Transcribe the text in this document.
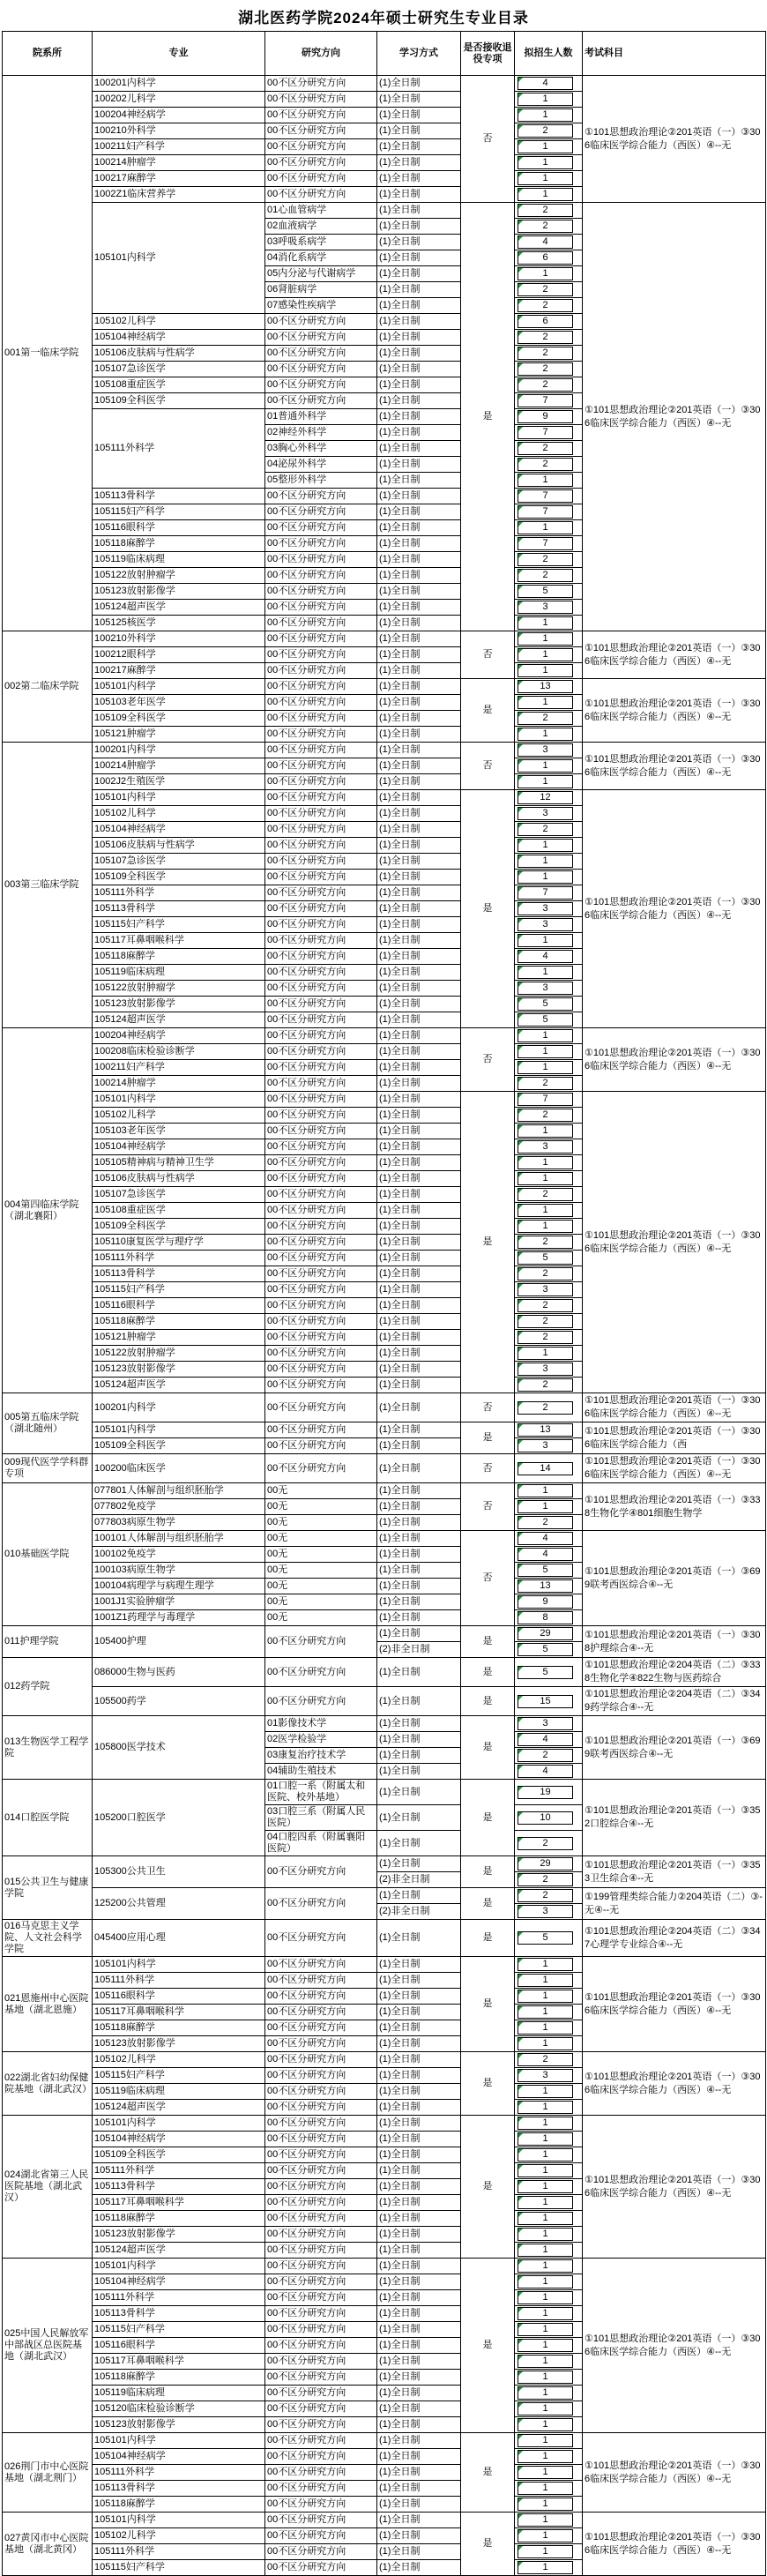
湖北医药学院2024年硕士研究生专业目录
院系所	专业	研究方向	学习方式	是否接收退役专项	拟招生人数	考试科目
001第一临床学院	100201内科学	00不区分研究方向	(1)全日制	否	4	①101思想政治理论②201英语（一）③306临床医学综合能力（西医）④--无

	100202儿科学	00不区分研究方向	(1)全日制		1	

	100204神经病学	00不区分研究方向	(1)全日制		1	

	100210外科学	00不区分研究方向	(1)全日制		2	

	100211妇产科学	00不区分研究方向	(1)全日制		1	

	100214肿瘤学	00不区分研究方向	(1)全日制		1	

	100217麻醉学	00不区分研究方向	(1)全日制		1	

	1002Z1临床营养学	00不区分研究方向	(1)全日制		1	

	105101内科学	01心血管病学	(1)全日制	是	2	①101思想政治理论②201英语（一）③306临床医学综合能力（西医）④--无

		02血液病学	(1)全日制		2	

		03呼吸系病学	(1)全日制		4	

		04消化系病学	(1)全日制		6	

		05内分泌与代谢病学	(1)全日制		1	

		06肾脏病学	(1)全日制		2	

		07感染性疾病学	(1)全日制		2	

	105102儿科学	00不区分研究方向	(1)全日制		6	

	105104神经病学	00不区分研究方向	(1)全日制		2	

	105106皮肤病与性病学	00不区分研究方向	(1)全日制		2	

	105107急诊医学	00不区分研究方向	(1)全日制		2	

	105108重症医学	00不区分研究方向	(1)全日制		2	

	105109全科医学	00不区分研究方向	(1)全日制		7	

	105111外科学	01普通外科学	(1)全日制		9	

		02神经外科学	(1)全日制		7	

		03胸心外科学	(1)全日制		2	

		04泌尿外科学	(1)全日制		2	

		05整形外科学	(1)全日制		1	

	105113骨科学	00不区分研究方向	(1)全日制		7	

	105115妇产科学	00不区分研究方向	(1)全日制		7	

	105116眼科学	00不区分研究方向	(1)全日制		1	

	105118麻醉学	00不区分研究方向	(1)全日制		7	

	105119临床病理	00不区分研究方向	(1)全日制		2	

	105122放射肿瘤学	00不区分研究方向	(1)全日制		2	

	105123放射影像学	00不区分研究方向	(1)全日制		5	

	105124超声医学	00不区分研究方向	(1)全日制		3	

	105125核医学	00不区分研究方向	(1)全日制		1	

002第二临床学院	100210外科学	00不区分研究方向	(1)全日制	否	1	①101思想政治理论②201英语（一）③306临床医学综合能力（西医）④--无

	100212眼科学	00不区分研究方向	(1)全日制		1	

	100217麻醉学	00不区分研究方向	(1)全日制		1	

	105101内科学	00不区分研究方向	(1)全日制	是	13	①101思想政治理论②201英语（一）③306临床医学综合能力（西医）④--无

	105103老年医学	00不区分研究方向	(1)全日制		1	

	105109全科医学	00不区分研究方向	(1)全日制		2	

	105121肿瘤学	00不区分研究方向	(1)全日制		1	

003第三临床学院	100201内科学	00不区分研究方向	(1)全日制	否	3	①101思想政治理论②201英语（一）③306临床医学综合能力（西医）④--无

	100214肿瘤学	00不区分研究方向	(1)全日制		1	

	1002J2生殖医学	00不区分研究方向	(1)全日制		1	

	105101内科学	00不区分研究方向	(1)全日制	是	12	①101思想政治理论②201英语（一）③306临床医学综合能力（西医）④--无

	105102儿科学	00不区分研究方向	(1)全日制		3	

	105104神经病学	00不区分研究方向	(1)全日制		2	

	105106皮肤病与性病学	00不区分研究方向	(1)全日制		1	

	105107急诊医学	00不区分研究方向	(1)全日制		1	

	105109全科医学	00不区分研究方向	(1)全日制		1	

	105111外科学	00不区分研究方向	(1)全日制		7	

	105113骨科学	00不区分研究方向	(1)全日制		3	

	105115妇产科学	00不区分研究方向	(1)全日制		3	

	105117耳鼻咽喉科学	00不区分研究方向	(1)全日制		1	

	105118麻醉学	00不区分研究方向	(1)全日制		4	

	105119临床病理	00不区分研究方向	(1)全日制		1	

	105122放射肿瘤学	00不区分研究方向	(1)全日制		3	

	105123放射影像学	00不区分研究方向	(1)全日制		5	

	105124超声医学	00不区分研究方向	(1)全日制		5	

004第四临床学院（湖北襄阳）	100204神经病学	00不区分研究方向	(1)全日制	否	1	①101思想政治理论②201英语（一）③306临床医学综合能力（西医）④--无

	100208临床检验诊断学	00不区分研究方向	(1)全日制		1	

	100211妇产科学	00不区分研究方向	(1)全日制		1	

	100214肿瘤学	00不区分研究方向	(1)全日制		2	

	105101内科学	00不区分研究方向	(1)全日制	是	7	①101思想政治理论②201英语（一）③306临床医学综合能力（西医）④--无

	105102儿科学	00不区分研究方向	(1)全日制		2	

	105103老年医学	00不区分研究方向	(1)全日制		1	

	105104神经病学	00不区分研究方向	(1)全日制		3	

	105105精神病与精神卫生学	00不区分研究方向	(1)全日制		1	

	105106皮肤病与性病学	00不区分研究方向	(1)全日制		1	

	105107急诊医学	00不区分研究方向	(1)全日制		2	

	105108重症医学	00不区分研究方向	(1)全日制		1	

	105109全科医学	00不区分研究方向	(1)全日制		1	

	105110康复医学与理疗学	00不区分研究方向	(1)全日制		2	

	105111外科学	00不区分研究方向	(1)全日制		5	

	105113骨科学	00不区分研究方向	(1)全日制		2	

	105115妇产科学	00不区分研究方向	(1)全日制		3	

	105116眼科学	00不区分研究方向	(1)全日制		2	

	105118麻醉学	00不区分研究方向	(1)全日制		2	

	105121肿瘤学	00不区分研究方向	(1)全日制		2	

	105122放射肿瘤学	00不区分研究方向	(1)全日制		1	

	105123放射影像学	00不区分研究方向	(1)全日制		3	

	105124超声医学	00不区分研究方向	(1)全日制		2	

005第五临床学院（湖北随州）	100201内科学	00不区分研究方向	(1)全日制	否	2	①101思想政治理论②201英语（一）③306临床医学综合能力（西医）④--无

	105101内科学	00不区分研究方向	(1)全日制	是	13	①101思想政治理论②201英语（一）③306临床医学综合能力（西

	105109全科医学	00不区分研究方向	(1)全日制		3	

009现代医学学科群专项	100200临床医学	00不区分研究方向	(1)全日制	否	14	①101思想政治理论②201英语（一）③306临床医学综合能力（西医）④--无

010基础医学院	077801人体解剖与组织胚胎学	00无	(1)全日制	否	1	①101思想政治理论②201英语（一）③338生物化学④801细胞生物学

	077802免疫学	00无	(1)全日制		1	

	077803病原生物学	00无	(1)全日制		2	

	100101人体解剖与组织胚胎学	00无	(1)全日制	否	4	①101思想政治理论②201英语（一）③699联考西医综合④--无

	100102免疫学	00无	(1)全日制		4	

	100103病原生物学	00无	(1)全日制		5	

	100104病理学与病理生理学	00无	(1)全日制		13	

	1001J1实验肿瘤学	00无	(1)全日制		9	

	1001Z1药理学与毒理学	00无	(1)全日制		8	

011护理学院	105400护理	00不区分研究方向	(1)全日制	是	29	①101思想政治理论②201英语（一）③308护理综合④--无

			(2)非全日制		5	

012药学院	086000生物与医药	00不区分研究方向	(1)全日制	是	5	①101思想政治理论②204英语（二）③338生物化学④822生物与医药综合

	105500药学	00不区分研究方向	(1)全日制	是	15	①101思想政治理论②204英语（二）③349药学综合④--无

013生物医学工程学院	105800医学技术	01影像技术学	(1)全日制	是	3	①101思想政治理论②201英语（一）③699联考西医综合④--无

		02医学检验学	(1)全日制		4	

		03康复治疗技术学	(1)全日制		2	

		04辅助生殖技术	(1)全日制		4	

014口腔医学院	105200口腔医学	01口腔一系（附属太和医院、校外基地）	(1)全日制	是	19	①101思想政治理论②201英语（一）③352口腔综合④--无

		03口腔三系（附属人民医院）	(1)全日制		10	

		04口腔四系（附属襄阳医院）	(1)全日制		2	

015公共卫生与健康学院	105300公共卫生	00不区分研究方向	(1)全日制	是	29	①101思想政治理论②201英语（一）③353卫生综合④--无

			(2)非全日制		2	

	125200公共管理	00不区分研究方向	(1)全日制	是	2	①199管理类综合能力②204英语（二）③-无④--无

			(2)非全日制		3	

016马克思主义学院、人文社会科学学院	045400应用心理	00不区分研究方向	(1)全日制	是	5	①101思想政治理论②204英语（二）③347心理学专业综合④--无

021恩施州中心医院基地（湖北恩施）	105101内科学	00不区分研究方向	(1)全日制	是	1	①101思想政治理论②201英语（一）③306临床医学综合能力（西医）④--无

	105111外科学	00不区分研究方向	(1)全日制		1	

	105116眼科学	00不区分研究方向	(1)全日制		1	

	105117耳鼻咽喉科学	00不区分研究方向	(1)全日制		1	

	105118麻醉学	00不区分研究方向	(1)全日制		1	

	105123放射影像学	00不区分研究方向	(1)全日制		1	

022湖北省妇幼保健院基地（湖北武汉）	105102儿科学	00不区分研究方向	(1)全日制	是	2	①101思想政治理论②201英语（一）③306临床医学综合能力（西医）④--无

	105115妇产科学	00不区分研究方向	(1)全日制		3	

	105119临床病理	00不区分研究方向	(1)全日制		1	

	105124超声医学	00不区分研究方向	(1)全日制		1	

024湖北省第三人民医院基地（湖北武汉）	105101内科学	00不区分研究方向	(1)全日制	是	1	①101思想政治理论②201英语（一）③306临床医学综合能力（西医）④--无

	105104神经病学	00不区分研究方向	(1)全日制		1	

	105109全科医学	00不区分研究方向	(1)全日制		1	

	105111外科学	00不区分研究方向	(1)全日制		1	

	105113骨科学	00不区分研究方向	(1)全日制		1	

	105117耳鼻咽喉科学	00不区分研究方向	(1)全日制		1	

	105118麻醉学	00不区分研究方向	(1)全日制		1	

	105123放射影像学	00不区分研究方向	(1)全日制		1	

	105124超声医学	00不区分研究方向	(1)全日制		1	

025中国人民解放军中部战区总医院基地（湖北武汉）	105101内科学	00不区分研究方向	(1)全日制	是	1	①101思想政治理论②201英语（一）③306临床医学综合能力（西医）④--无

	105104神经病学	00不区分研究方向	(1)全日制		1	

	105111外科学	00不区分研究方向	(1)全日制		1	

	105113骨科学	00不区分研究方向	(1)全日制		1	

	105115妇产科学	00不区分研究方向	(1)全日制		1	

	105116眼科学	00不区分研究方向	(1)全日制		1	

	105117耳鼻咽喉科学	00不区分研究方向	(1)全日制		1	

	105118麻醉学	00不区分研究方向	(1)全日制		1	

	105119临床病理	00不区分研究方向	(1)全日制		1	

	105120临床检验诊断学	00不区分研究方向	(1)全日制		1	

	105123放射影像学	00不区分研究方向	(1)全日制		1	

026荆门市中心医院基地（湖北荆门）	105101内科学	00不区分研究方向	(1)全日制	是	1	①101思想政治理论②201英语（一）③306临床医学综合能力（西医）④--无

	105104神经病学	00不区分研究方向	(1)全日制		1	

	105111外科学	00不区分研究方向	(1)全日制		1	

	105113骨科学	00不区分研究方向	(1)全日制		1	

	105118麻醉学	00不区分研究方向	(1)全日制		1	

027黄冈市中心医院基地（湖北黄冈）	105101内科学	00不区分研究方向	(1)全日制	是	1	①101思想政治理论②201英语（一）③306临床医学综合能力（西医）④--无

	105102儿科学	00不区分研究方向	(1)全日制		1	

	105111外科学	00不区分研究方向	(1)全日制		1	

	105115妇产科学	00不区分研究方向	(1)全日制		1	
